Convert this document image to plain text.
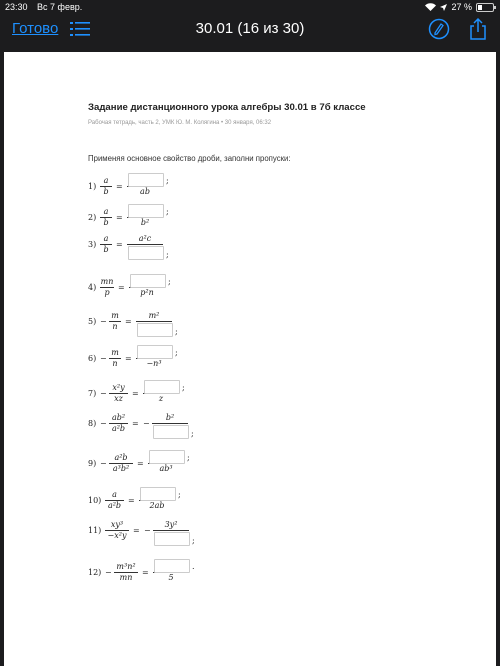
23:30 Вс 7 февр.	27 %
Готово	30.01 (16 из 30)
Задание дистанционного урока алгебры 30.01 в 7б классе
Рабочая тетрадь, часть 2, УМК Ю. М. Колягина • 30 января, 06:32
Применяя основное свойство дроби, заполни пропуски:
1)
a
b
=
ab
;
2)
a
b
=
b²
;
3)
a
b
=
a²c
;
4)
mn
p
=
p²n
;
5) −
m
n
=
m²
;
6) −
m
n
=
−n³
;
7) −
x²y
xz
=
z
;
8) −
ab²
a²b
= −
b²
;
9) −
a²b
a³b²
=
ab³
;
10)
a
a²b
=
2ab
;
11)
xy³
−x²y
= −
3y²
;
12) −
m³n²
mn
=
5
.
